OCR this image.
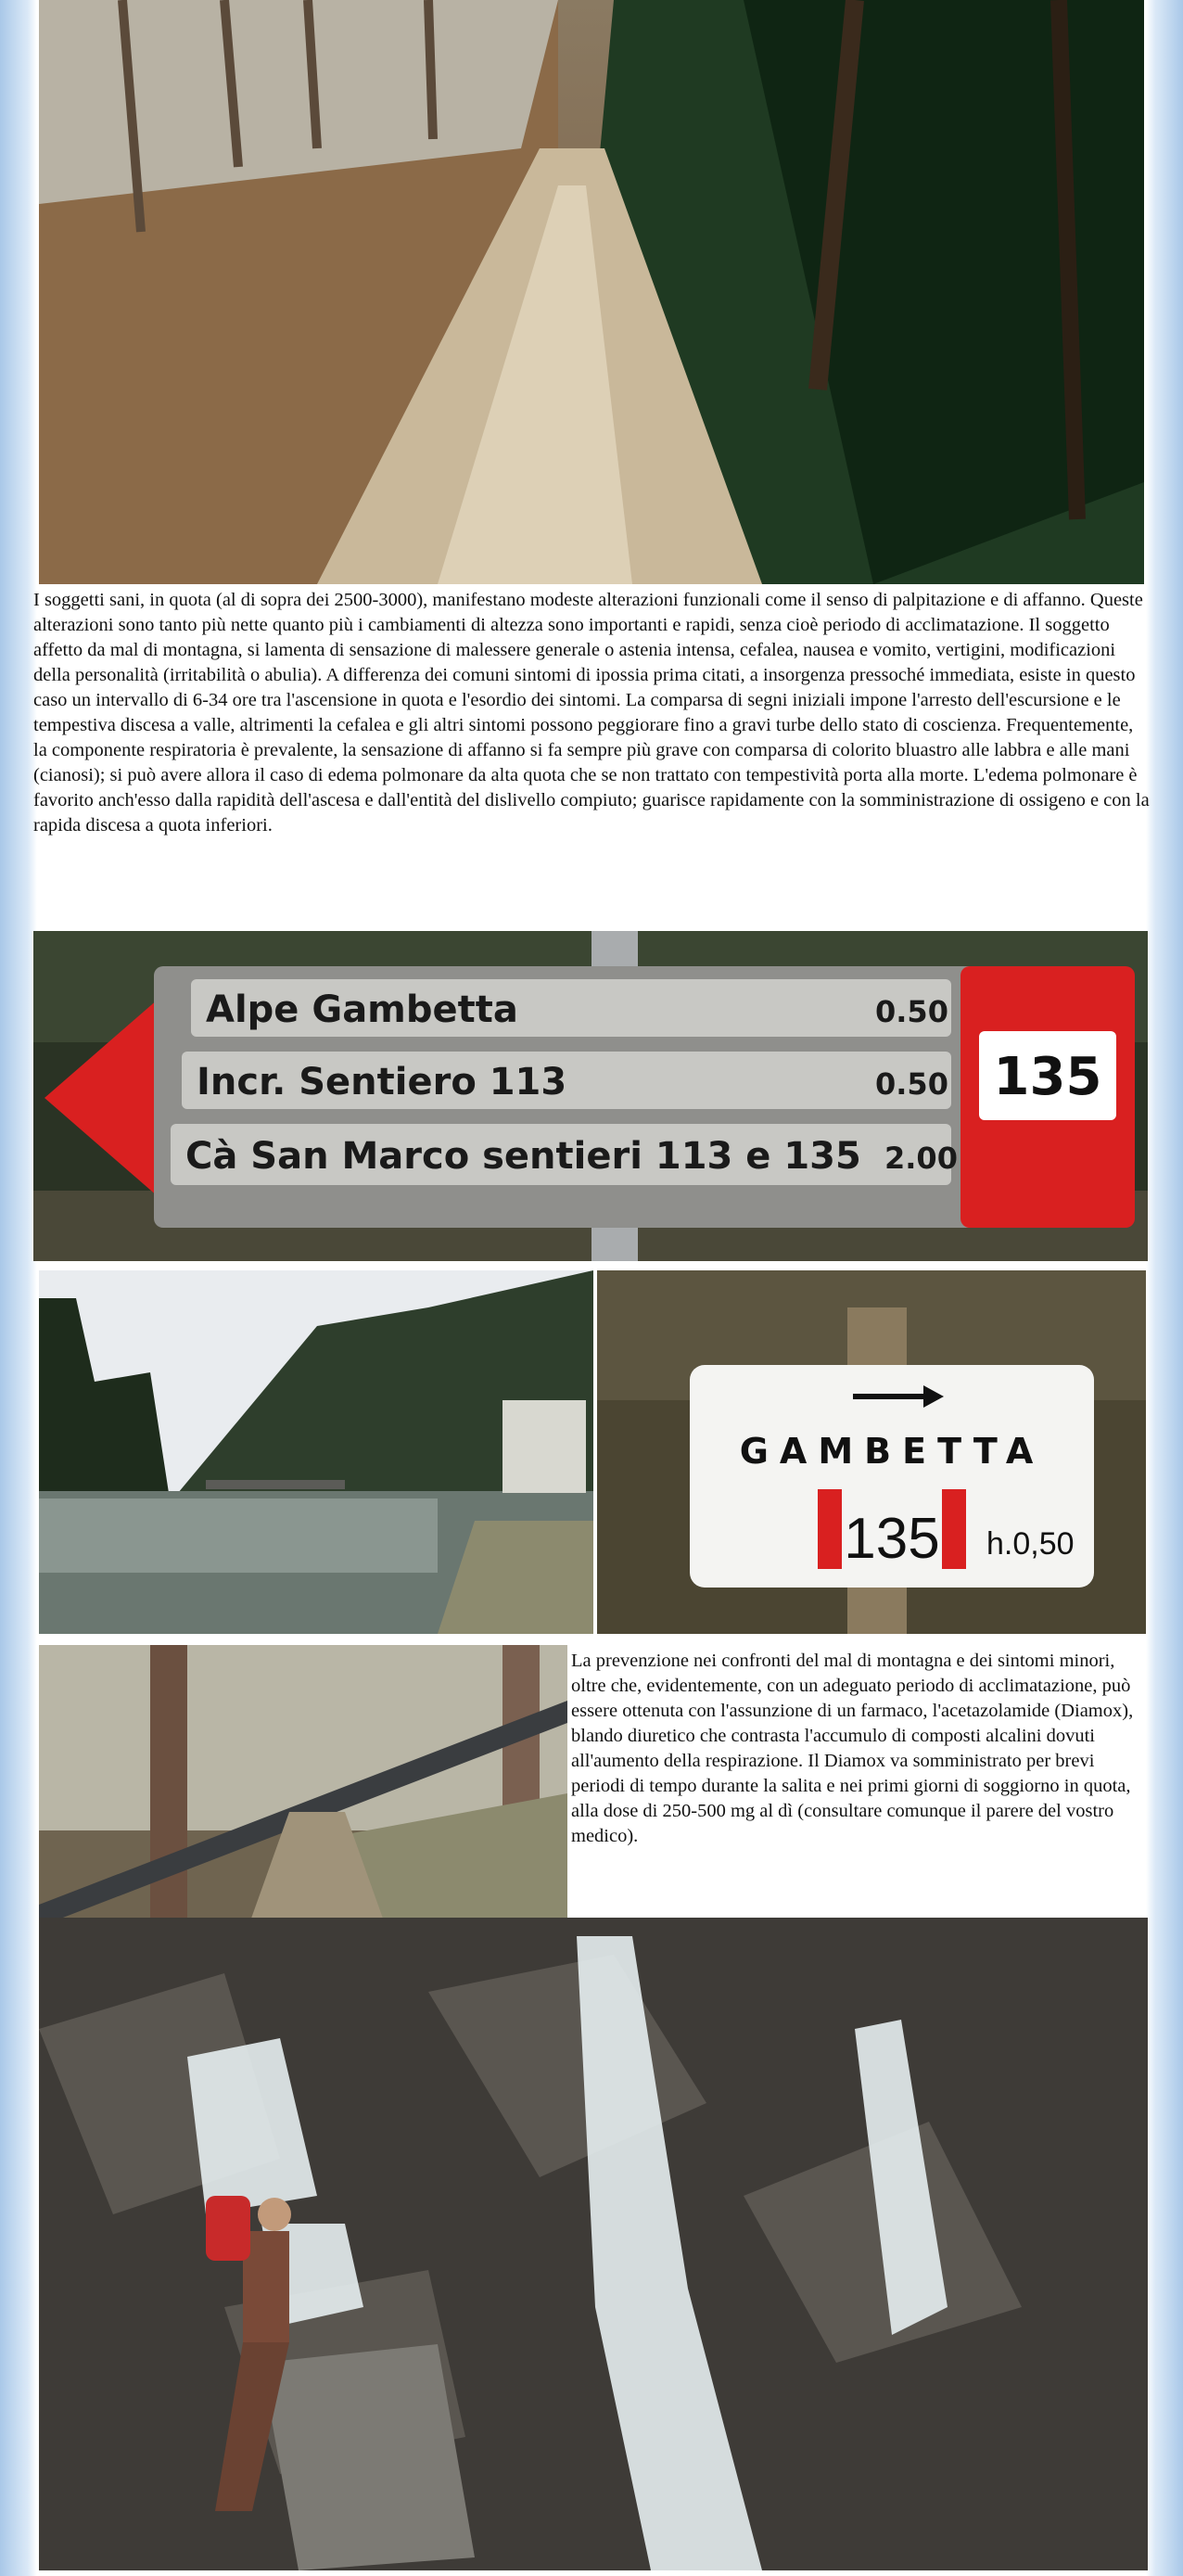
I soggetti sani, in quota (al di sopra dei 2500-3000), manifestano modeste alterazioni funzionali come il senso di palpitazione e di affanno. Queste alterazioni sono tanto più nette quanto più i cambiamenti di altezza sono importanti e rapidi, senza cioè periodo di acclimatazione. Il soggetto affetto da mal di montagna, si lamenta di sensazione di malessere generale o astenia intensa, cefalea, nausea e vomito, vertigini, modificazioni della personalità (irritabilità o abulia). A differenza dei comuni sintomi di ipossia prima citati, a insorgenza pressoché immediata, esiste in questo caso un intervallo di 6-34 ore tra l'ascensione in quota e l'esordio dei sintomi. La comparsa di segni iniziali impone l'arresto dell'escursione e le tempestiva discesa a valle, altrimenti la cefalea e gli altri sintomi possono peggiorare fino a gravi turbe dello stato di coscienza. Frequentemente, la componente respiratoria è prevalente, la sensazione di affanno si fa sempre più grave con comparsa di colorito bluastro alle labbra e alle mani (cianosi); si può avere allora il caso di edema polmonare da alta quota che se non trattato con tempestività porta alla morte. L'edema polmonare è favorito anch'esso dalla rapidità dell'ascesa e dall'entità del dislivello compiuto; guarisce rapidamente con la somministrazione di ossigeno e con la rapida discesa a quota inferiori.
Alpe Gambetta	0.50
Incr. Sentiero 113	0.50
Cà San Marco sentieri 113 e 135 2.00
135
GAMBETTA
135 h.0,50
La prevenzione nei confronti del mal di montagna e dei sintomi minori, oltre che, evidentemente, con un adeguato periodo di acclimatazione, può essere ottenuta con l'assunzione di un farmaco, l'acetazolamide (Diamox), blando diuretico che contrasta l'accumulo di composti alcalini dovuti all'aumento della respirazione. Il Diamox va somministrato per brevi periodi di tempo durante la salita e nei primi giorni di soggiorno in quota, alla dose di 250-500 mg al dì (consultare comunque il parere del vostro medico).
